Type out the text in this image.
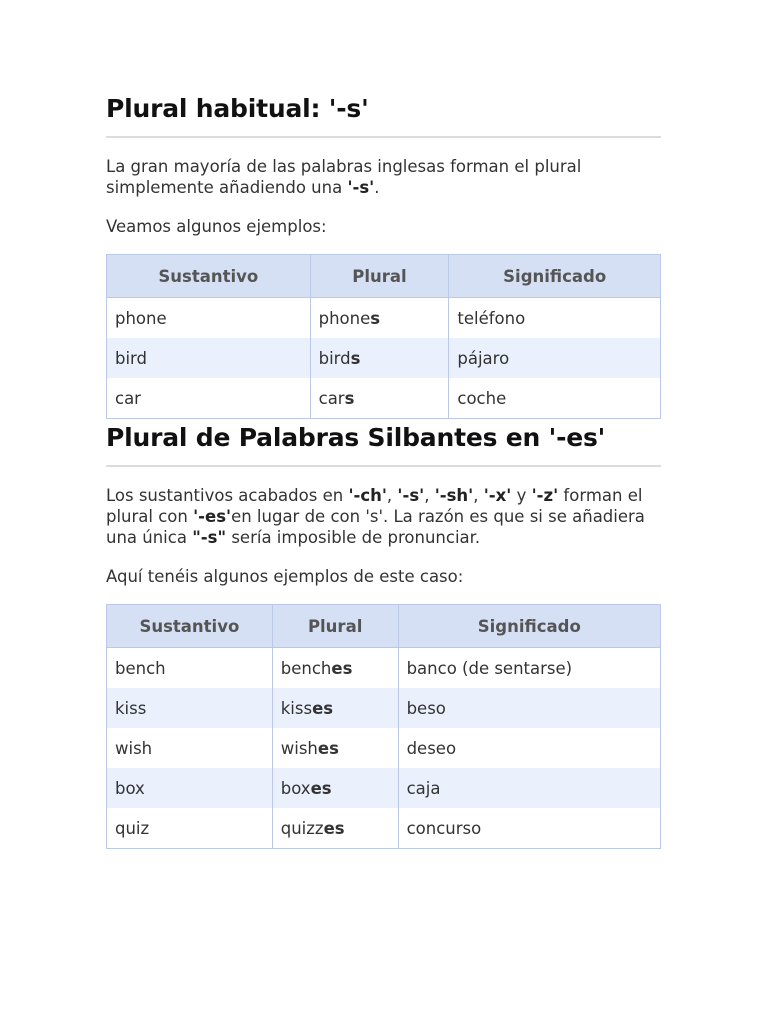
Plural habitual: '-s'

La gran mayoría de las palabras inglesas forman el plural simplemente añadiendo una '-s'.

Veamos algunos ejemplos:

Sustantivo	Plural	Significado
phone	phones	teléfono
bird	birds	pájaro
car	cars	coche
Plural de Palabras Silbantes en '-es'

Los sustantivos acabados en '-ch', '-s', '-sh', '-x' y '-z' forman el plural con '-es'en lugar de con 's'. La razón es que si se añadiera una única "-s" sería imposible de pronunciar.

Aquí tenéis algunos ejemplos de este caso:

Sustantivo	Plural	Significado
bench	benches	banco (de sentarse)
kiss	kisses	beso
wish	wishes	deseo
box	boxes	caja
quiz	quizzes	concurso
